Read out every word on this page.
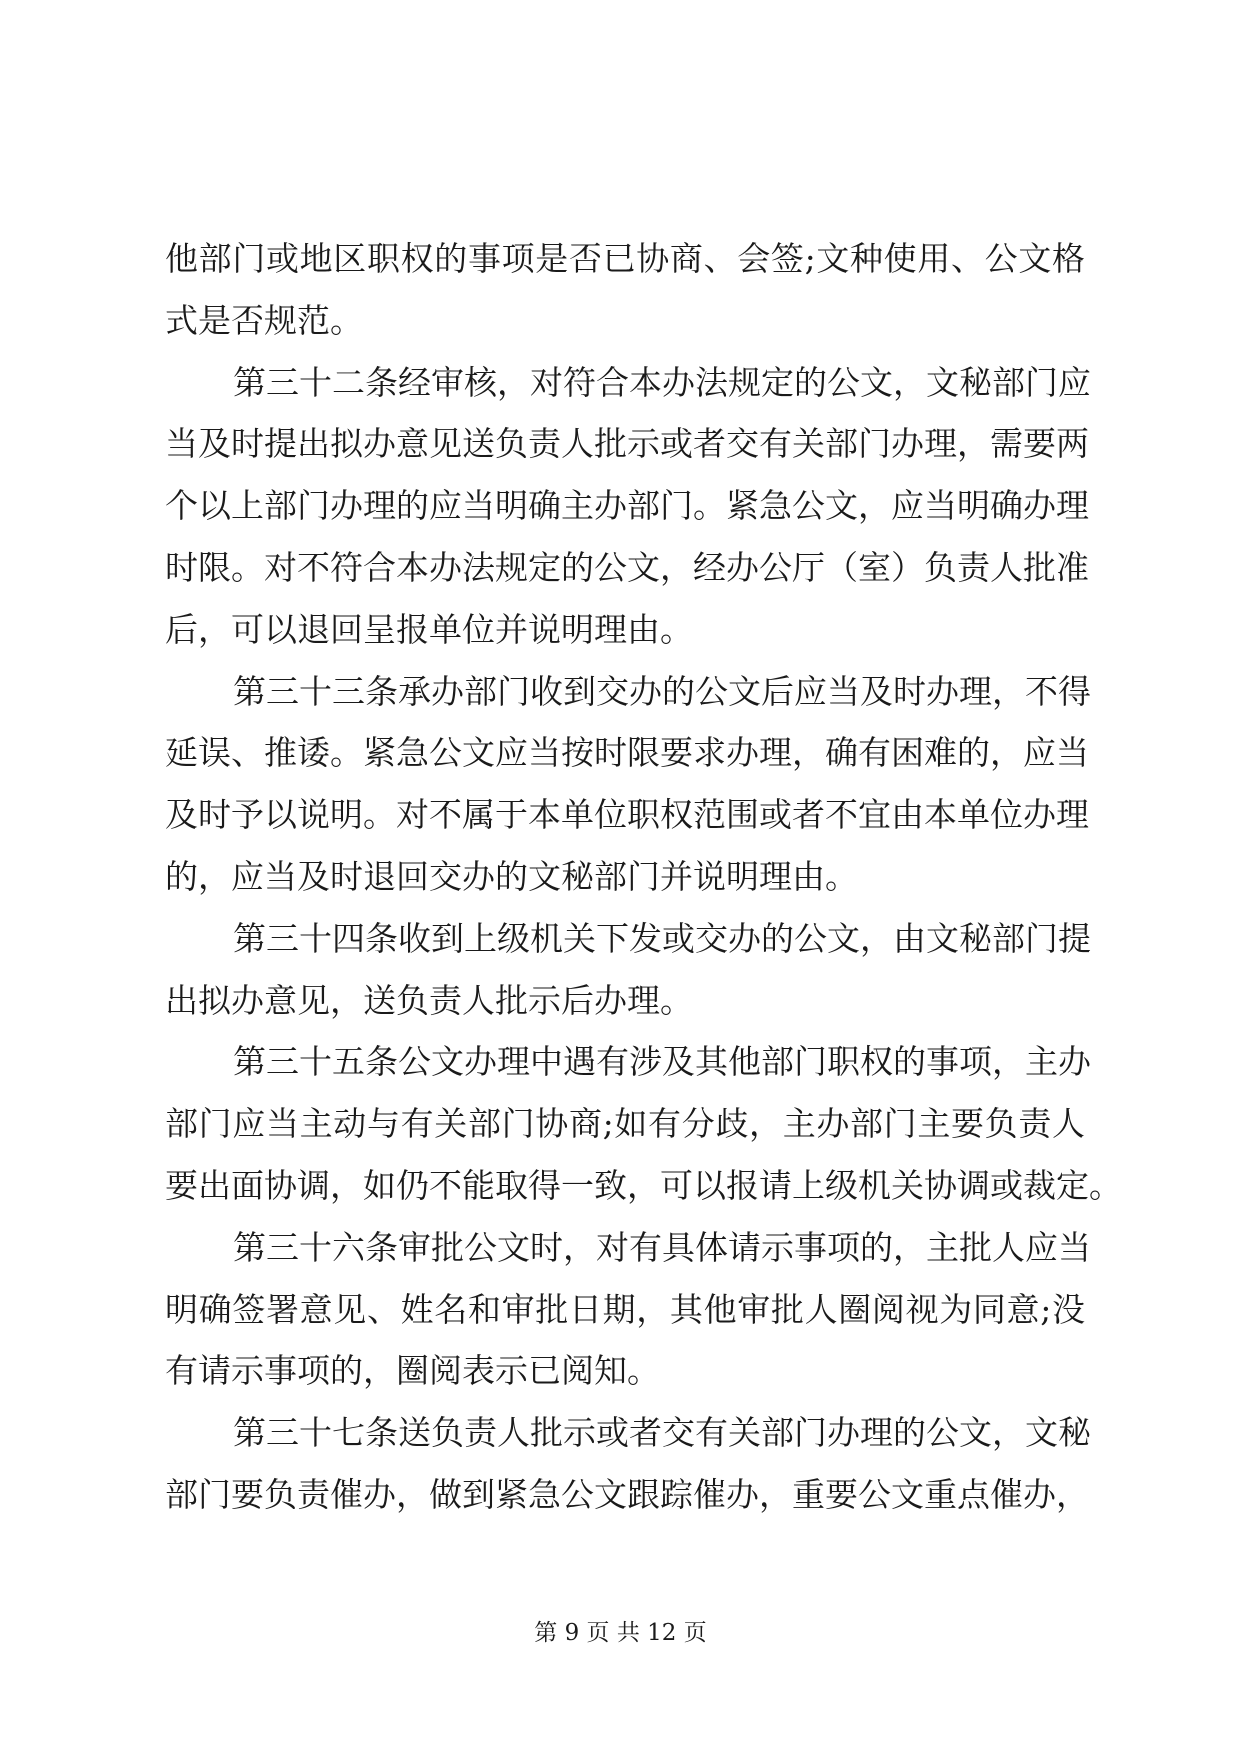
他部门或地区职权的事项是否已协商、会签;文种使用、公文格
式是否规范。
第三十二条经审核，对符合本办法规定的公文，文秘部门应
当及时提出拟办意见送负责人批示或者交有关部门办理，需要两
个以上部门办理的应当明确主办部门。紧急公文，应当明确办理
时限。对不符合本办法规定的公文，经办公厅（室）负责人批准
后，可以退回呈报单位并说明理由。
第三十三条承办部门收到交办的公文后应当及时办理，不得
延误、推诿。紧急公文应当按时限要求办理，确有困难的，应当
及时予以说明。对不属于本单位职权范围或者不宜由本单位办理
的，应当及时退回交办的文秘部门并说明理由。
第三十四条收到上级机关下发或交办的公文，由文秘部门提
出拟办意见，送负责人批示后办理。
第三十五条公文办理中遇有涉及其他部门职权的事项，主办
部门应当主动与有关部门协商;如有分歧，主办部门主要负责人
要出面协调，如仍不能取得一致，可以报请上级机关协调或裁定。
第三十六条审批公文时，对有具体请示事项的，主批人应当
明确签署意见、姓名和审批日期，其他审批人圈阅视为同意;没
有请示事项的，圈阅表示已阅知。
第三十七条送负责人批示或者交有关部门办理的公文，文秘
部门要负责催办，做到紧急公文跟踪催办，重要公文重点催办，
第 9 页 共 12 页
